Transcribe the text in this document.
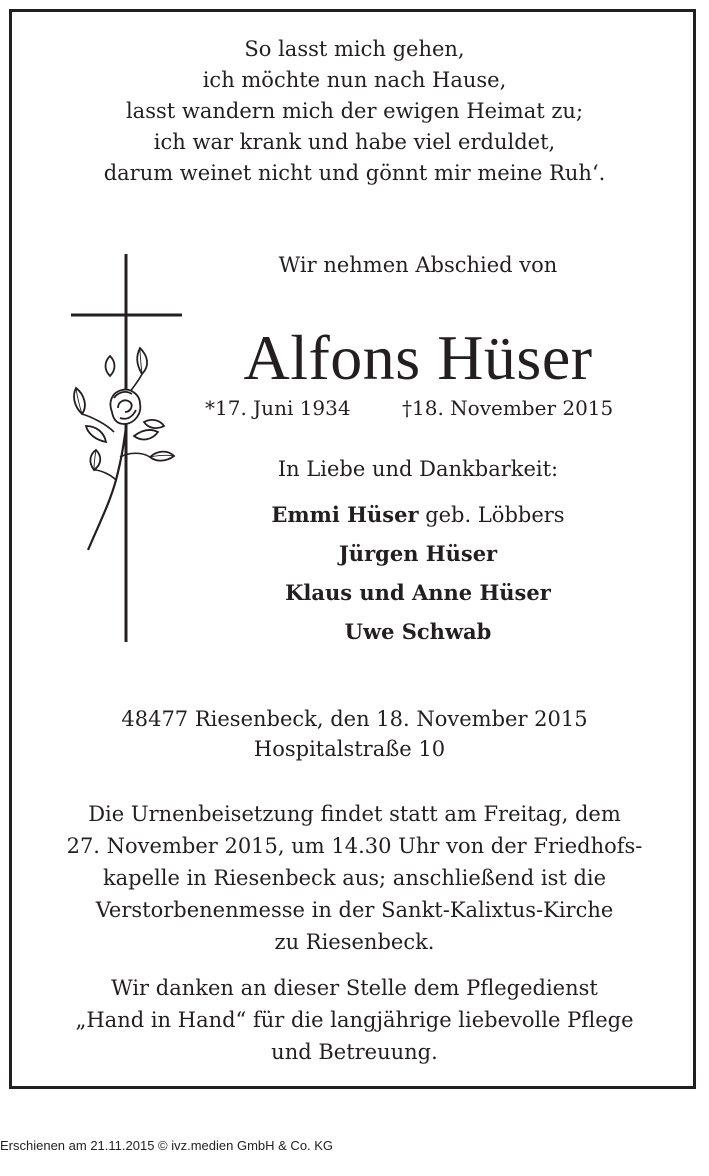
So lasst mich gehen,
ich möchte nun nach Hause,
lasst wandern mich der ewigen Heimat zu;
ich war krank und habe viel erduldet,
darum weinet nicht und gönnt mir meine Ruh‘.
Wir nehmen Abschied von
Alfons Hüser
*17. Juni 1934	†18. November 2015
In Liebe und Dankbarkeit:
Emmi Hüser geb. Löbbers
Jürgen Hüser
Klaus und Anne Hüser
Uwe Schwab
48477 Riesenbeck, den 18. November 2015
Hospitalstraße 10
Die Urnenbeisetzung findet statt am Freitag, dem
27. November 2015, um 14.30 Uhr von der Friedhofs-
kapelle in Riesenbeck aus; anschließend ist die
Verstorbenenmesse in der Sankt-Kalixtus-Kirche
zu Riesenbeck.
Wir danken an dieser Stelle dem Pflegedienst
„Hand in Hand“ für die langjährige liebevolle Pflege
und Betreuung.
Erschienen am 21.11.2015 © ivz.medien GmbH & Co. KG
